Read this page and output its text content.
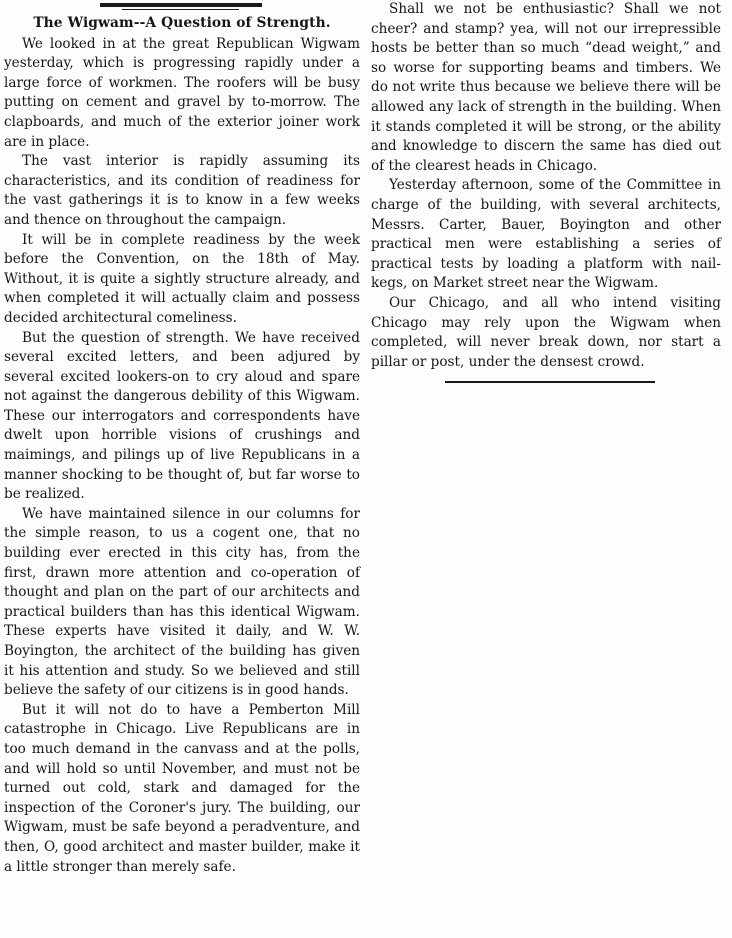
The Wigwam--A Question of Strength.

We looked in at the great Republican Wigwam yesterday, which is progressing rapidly under a large force of workmen. The roofers will be busy putting on cement and gravel by to-morrow. The clapboards, and much of the exterior joiner work are in place.

The vast interior is rapidly assuming its characteristics, and its condition of readiness for the vast gatherings it is to know in a few weeks and thence on throughout the campaign.

It will be in complete readiness by the week before the Convention, on the 18th of May. Without, it is quite a sightly structure already, and when completed it will actually claim and possess decided architectural comeliness.

But the question of strength. We have received several excited letters, and been adjured by several excited lookers-on to cry aloud and spare not against the dangerous debility of this Wigwam. These our interrogators and correspondents have dwelt upon horrible visions of crushings and maimings, and pilings up of live Republicans in a manner shocking to be thought of, but far worse to be realized.

We have maintained silence in our columns for the simple reason, to us a cogent one, that no building ever erected in this city has, from the first, drawn more attention and co-operation of thought and plan on the part of our architects and practical builders than has this identical Wigwam. These experts have visited it daily, and W. W. Boyington, the architect of the building has given it his attention and study. So we believed and still believe the safety of our citizens is in good hands.

But it will not do to have a Pemberton Mill catastrophe in Chicago. Live Republicans are in too much demand in the canvass and at the polls, and will hold so until November, and must not be turned out cold, stark and damaged for the inspection of the Coroner's jury. The building, our Wigwam, must be safe beyond a peradventure, and then, O, good architect and master builder, make it a little stronger than merely safe.

Shall we not be enthusiastic? Shall we not cheer? and stamp? yea, will not our irrepressible hosts be better than so much “dead weight,” and so worse for supporting beams and timbers. We do not write thus because we believe there will be allowed any lack of strength in the building. When it stands completed it will be strong, or the ability and knowledge to discern the same has died out of the clearest heads in Chicago.

Yesterday afternoon, some of the Committee in charge of the building, with several architects, Messrs. Carter, Bauer, Boyington and other practical men were establishing a series of practical tests by loading a platform with nail-kegs, on Market street near the Wigwam.

Our Chicago, and all who intend visiting Chicago may rely upon the Wigwam when completed, will never break down, nor start a pillar or post, under the densest crowd.
